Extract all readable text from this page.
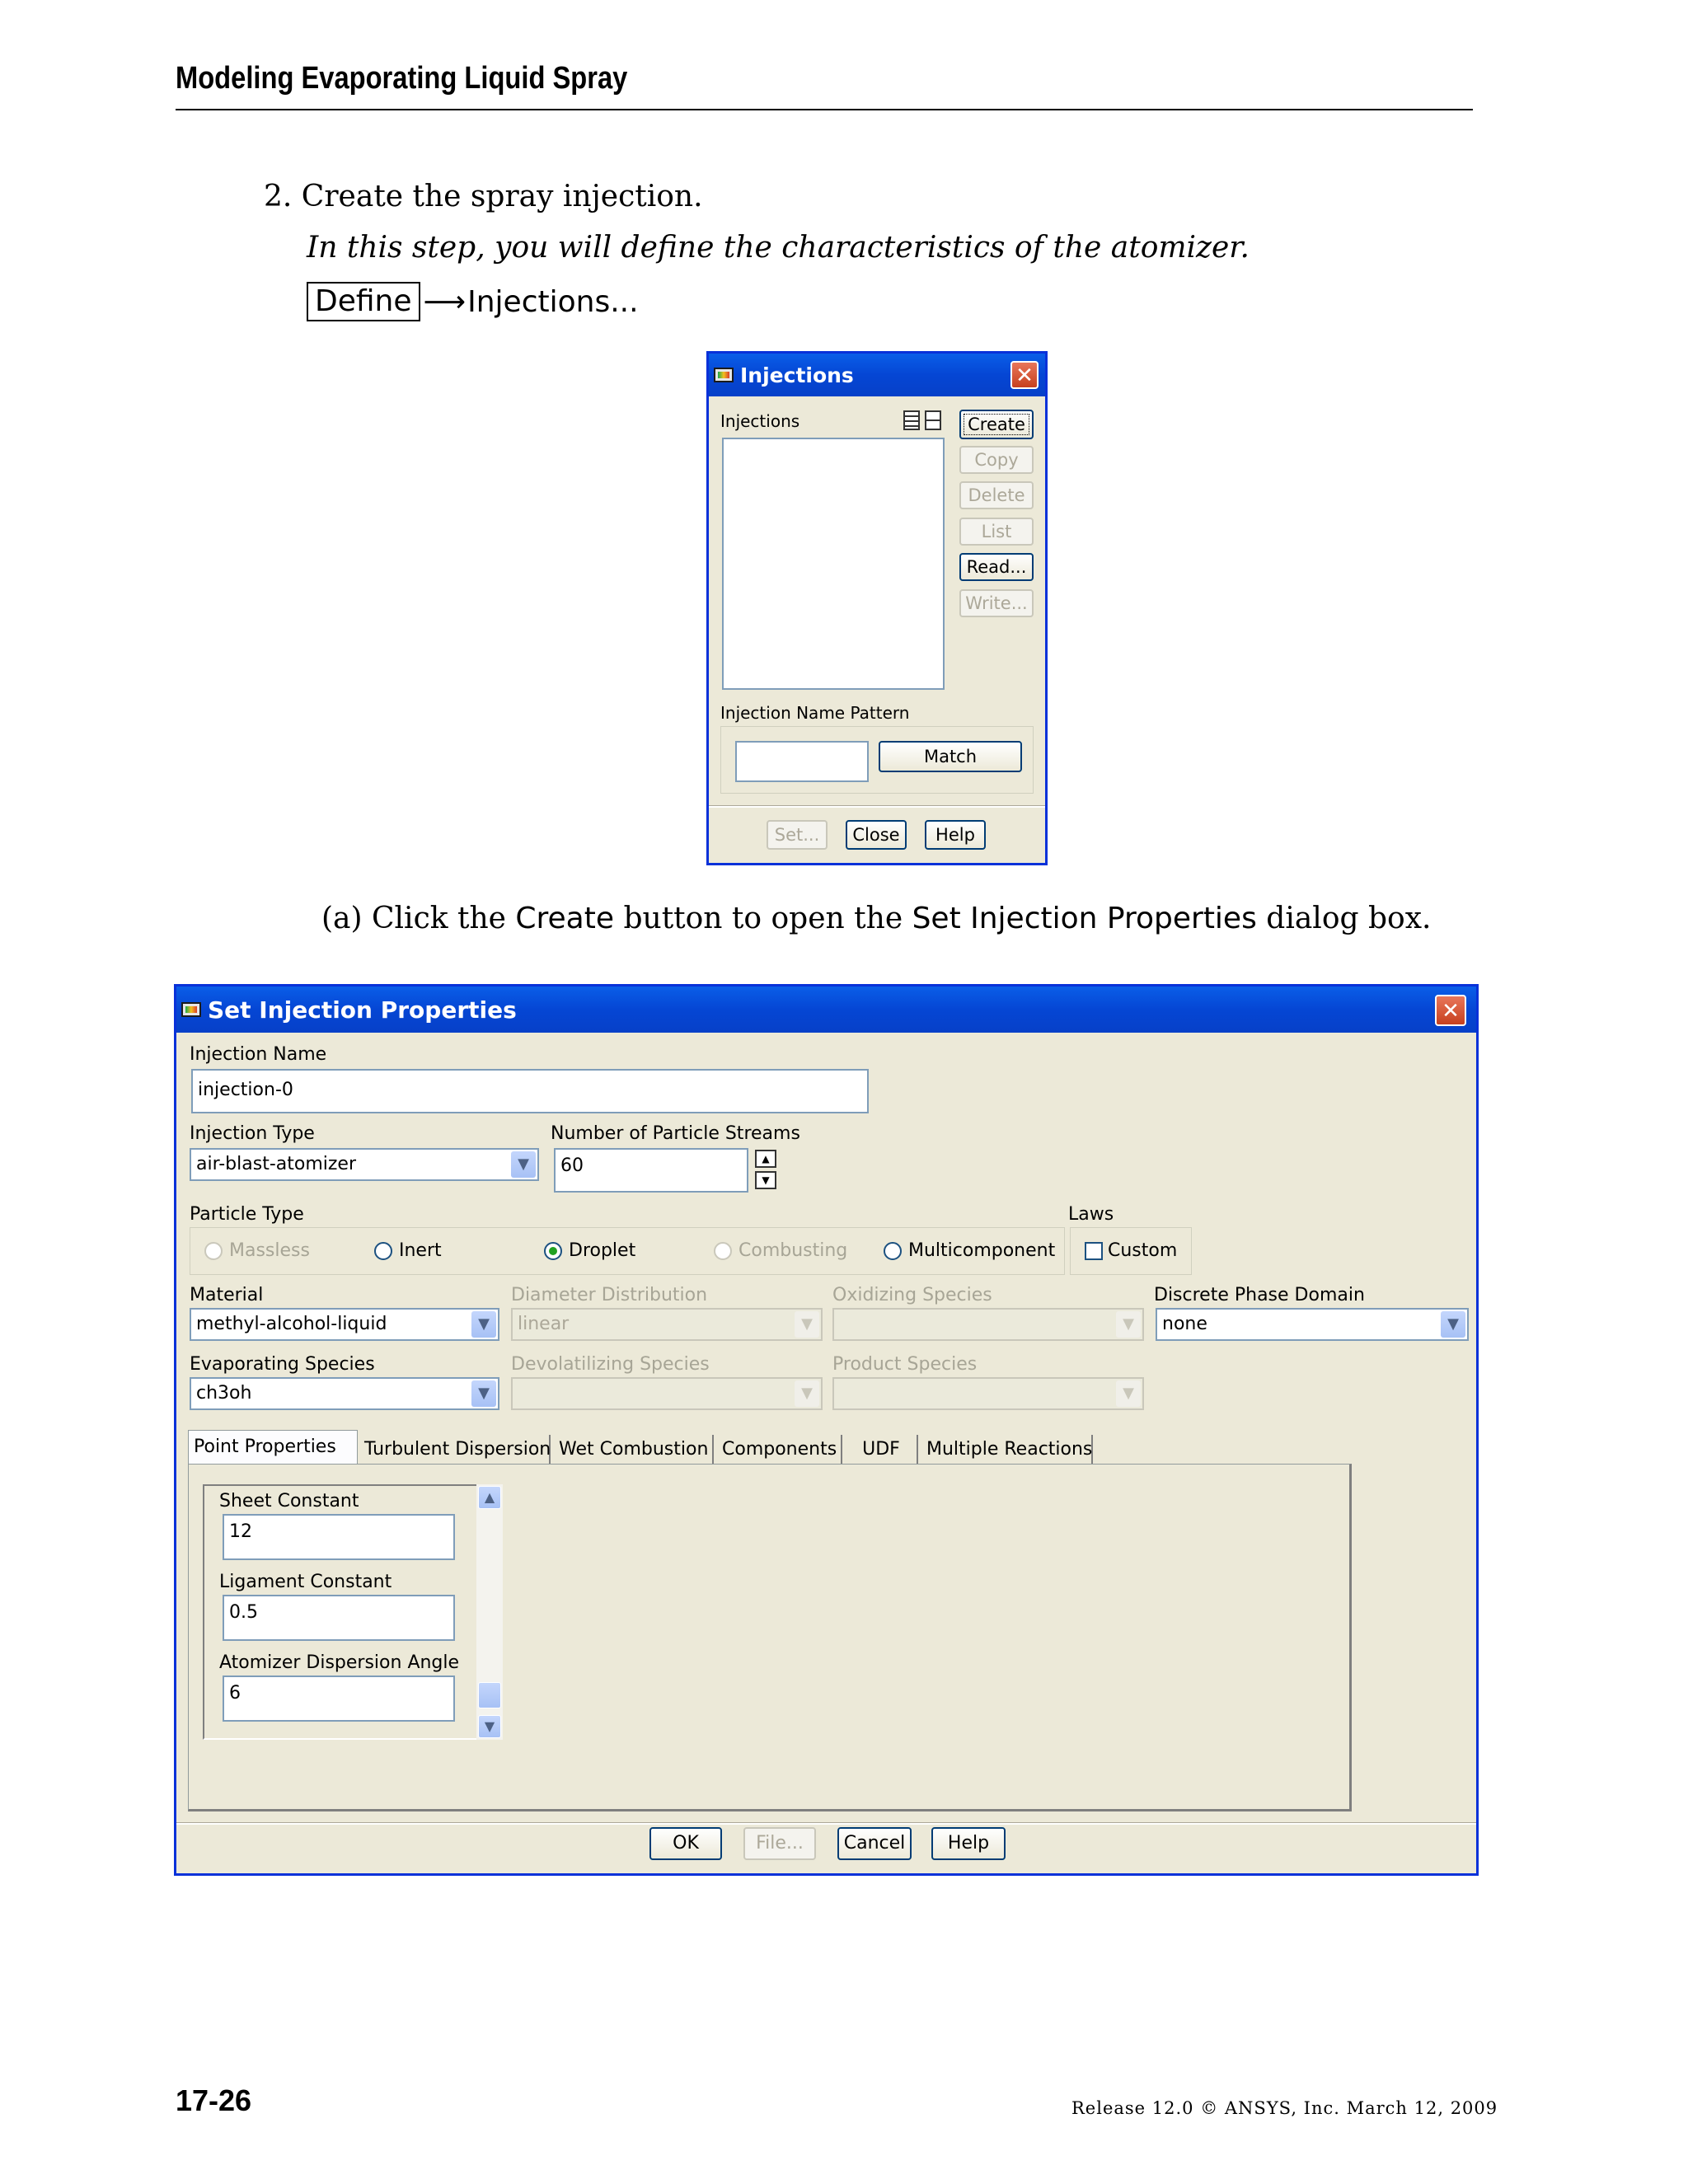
Modeling Evaporating Liquid Spray
2. Create the spray injection.
In this step, you will define the characteristics of the atomizer.
Define ⟶ Injections...
Injections	✕
Injections	Create
Copy
Delete
List
Read...
Write...
Injection Name Pattern
Match
Set...	Close	Help
(a) Click the Create button to open the Set Injection Properties dialog box.
Set Injection Properties	✕
Injection Name
injection-0
Injection Type
air-blast-atomizer	▼
Number of Particle Streams
60	▲
▼
Particle Type
Massless	Inert	Droplet	Combusting	Multicomponent
Laws
Custom
Material
methyl-alcohol-liquid	▼
Diameter Distribution
linear	▼
Oxidizing Species
▼
Discrete Phase Domain
none	▼
Evaporating Species
ch3oh	▼
Devolatilizing Species
▼
Product Species
▼
Point Properties	Turbulent Dispersion Wet Combustion Components	UDF	Multiple Reactions
Sheet Constant
12
Ligament Constant
0.5
Atomizer Dispersion Angle
6
▲
▼
OK	File...	Cancel	Help
17-26	Release 12.0 © ANSYS, Inc. March 12, 2009
